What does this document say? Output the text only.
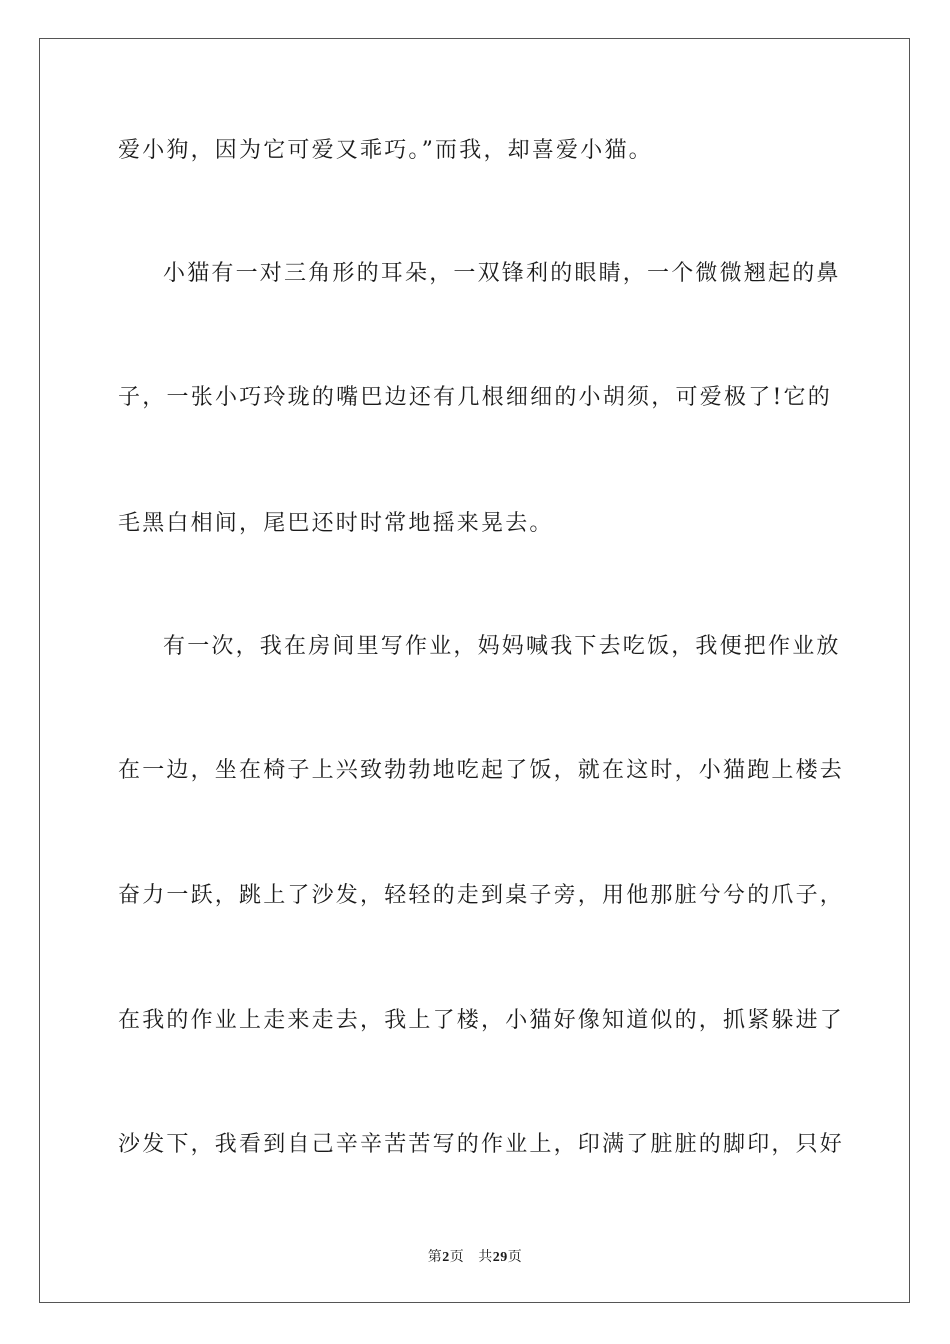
爱小狗，因为它可爱又乖巧。”而我，却喜爱小猫。
小猫有一对三角形的耳朵，一双锋利的眼睛，一个微微翘起的鼻
子，一张小巧玲珑的嘴巴边还有几根细细的小胡须，可爱极了!它的
毛黑白相间，尾巴还时时常地摇来晃去。
有一次，我在房间里写作业，妈妈喊我下去吃饭，我便把作业放
在一边，坐在椅子上兴致勃勃地吃起了饭，就在这时，小猫跑上楼去
奋力一跃，跳上了沙发，轻轻的走到桌子旁，用他那脏兮兮的爪子，
在我的作业上走来走去，我上了楼，小猫好像知道似的，抓紧躲进了
沙发下，我看到自己辛辛苦苦写的作业上，印满了脏脏的脚印，只好
第2页 共29页
